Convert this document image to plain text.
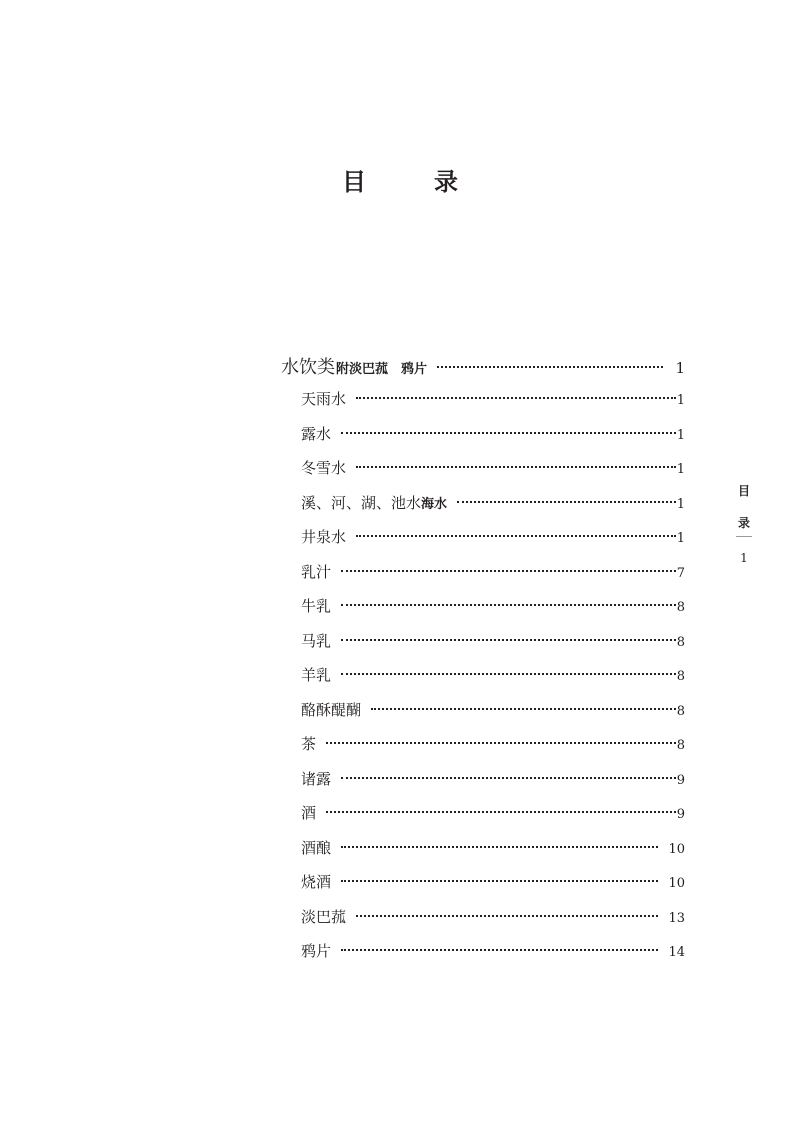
目　录
水饮类 附淡巴菰　鸦片	1
天雨水	1
露水	1
冬雪水	1
溪、河、湖、池水 海水	1
井泉水	1
乳汁	7
牛乳	8
马乳	8
羊乳	8
酪酥醍醐	8
茶	8
诸露	9
酒	9
酒酿	10
烧酒	10
淡巴菰	13
鸦片	14
目
录
1
